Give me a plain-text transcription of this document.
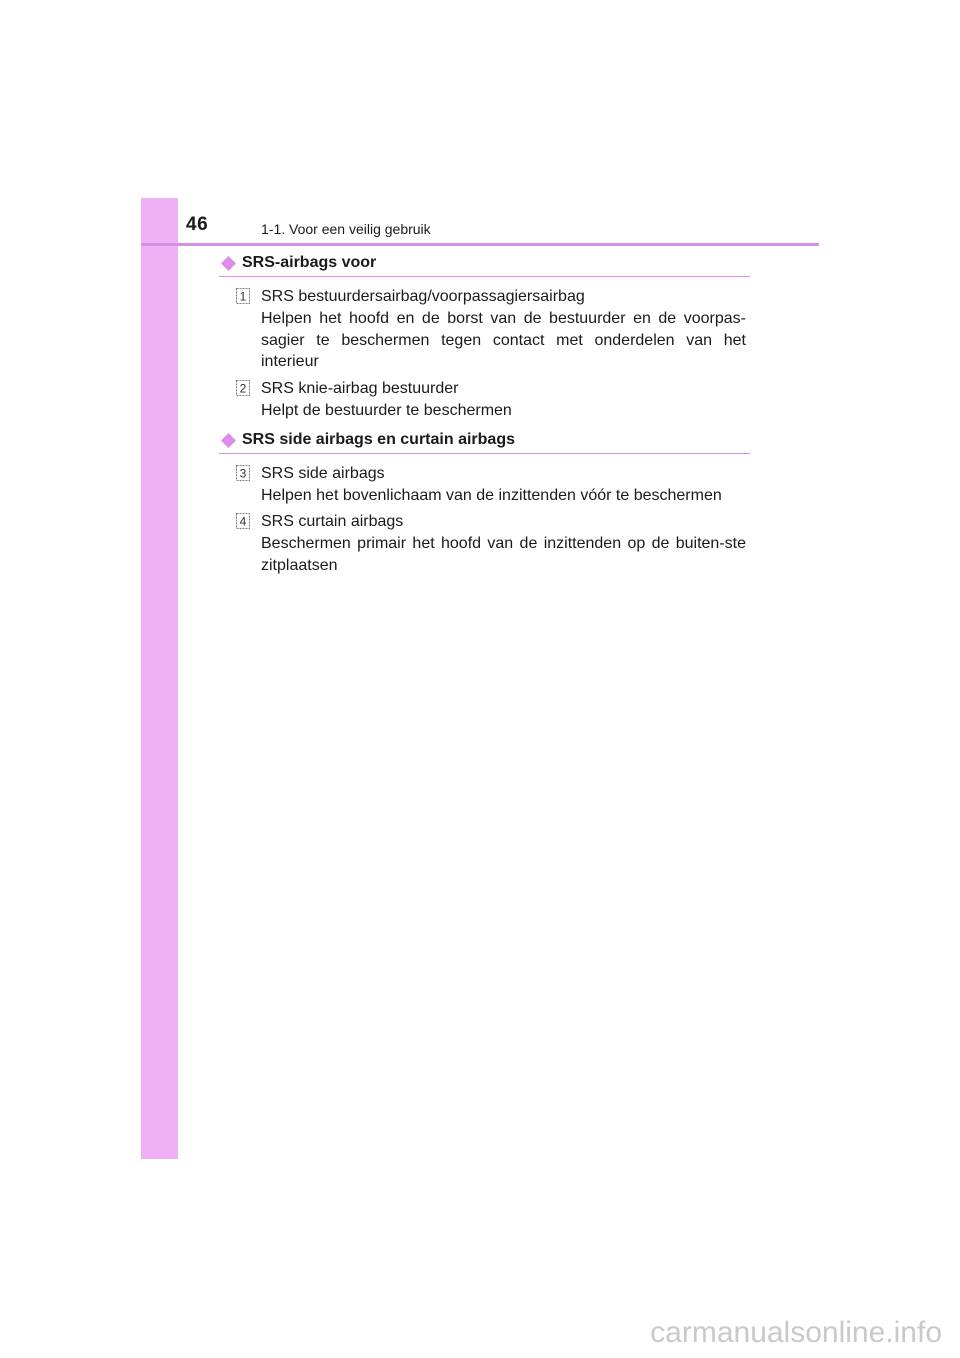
46	1-1. Voor een veilig gebruik
SRS-airbags voor
1 SRS bestuurdersairbag/voorpassagiersairbag
Helpen het hoofd en de borst van de bestuurder en de voorpas-sagier te beschermen tegen contact met onderdelen van het interieur
2 SRS knie-airbag bestuurder
Helpt de bestuurder te beschermen
SRS side airbags en curtain airbags
3 SRS side airbags
Helpen het bovenlichaam van de inzittenden vóór te beschermen
4 SRS curtain airbags
Beschermen primair het hoofd van de inzittenden op de buiten-ste zitplaatsen
carmanualsonline.info
